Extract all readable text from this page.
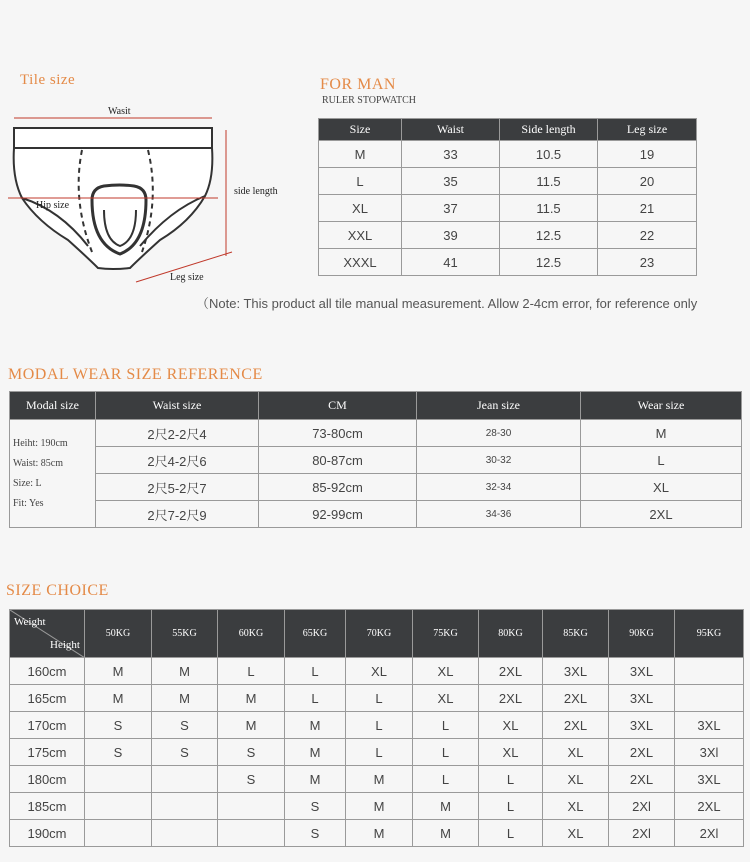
Tile size
Wasit
side length
Hip size
Leg size
FOR MAN
RULER STOPWATCH
Size	Waist	Side length	Leg size
M	33	10.5	19
L	35	11.5	20
XL	37	11.5	21
XXL	39	12.5	22
XXXL	41	12.5	23
（Note: This product all tile manual measurement. Allow 2-4cm error, for reference only
MODAL WEAR SIZE REFERENCE
Modal size	Waist size	CM	Jean size	Wear size

Heiht: 190cm
Waist: 85cm
Size: L
Fit: Yes	2尺2-2尺4	73-80cm	28-30	M
	2尺4-2尺6	80-87cm	30-32	L
	2尺5-2尺7	85-92cm	32-34	XL
	2尺7-2尺9	92-99cm	34-36	2XL
SIZE CHOICE
Weight
Height	50KG	55KG	60KG	65KG	70KG	75KG	80KG	85KG	90KG	95KG
160cm	M	M	L	L	XL	XL	2XL	3XL	3XL	
165cm	M	M	M	L	L	XL	2XL	2XL	3XL	
170cm	S	S	M	M	L	L	XL	2XL	3XL	3XL
175cm	S	S	S	M	L	L	XL	XL	2XL	3Xl
180cm			S	M	M	L	L	XL	2XL	3XL
185cm				S	M	M	L	XL	2Xl	2XL
190cm				S	M	M	L	XL	2Xl	2Xl
